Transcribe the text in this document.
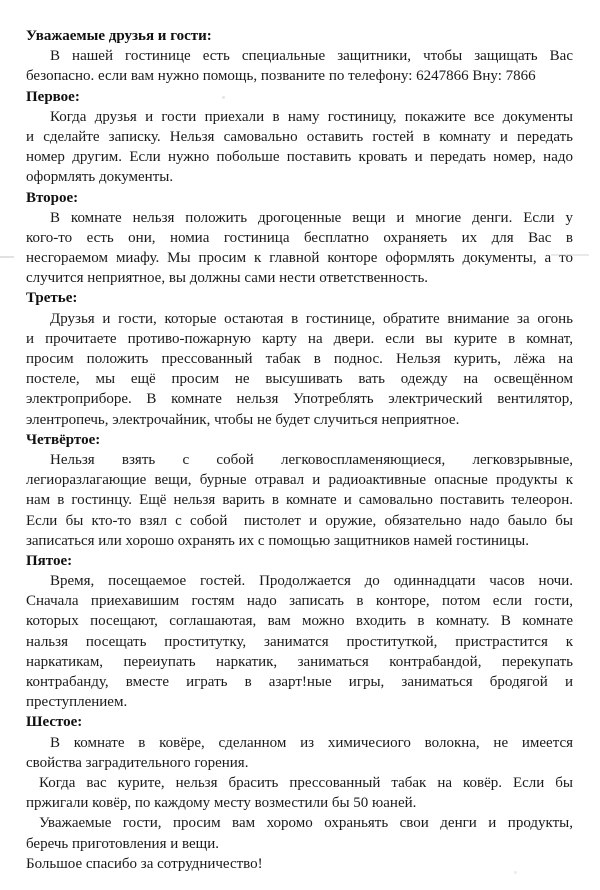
Уважаемые друзья и гости:
В нашей гостинице есть специальные защитники, чтобы защищать Вас
безопасно. если вам нужно помощь, позваните по телефону: 6247866 Вну: 7866
Первое:
Когда друзья и гости приехали в наму гостиницу, покажите все документы
и сделайте записку. Нельзя самовально оставить гостей в комнату и передать
номер другим. Если нужно побольше поставить кровать и передать номер, надо
оформлять документы.
Второе:
В комнате нельзя положить дрогоценные вещи и многие денги. Если у
кого-то есть они, номиа гостиница бесплатно охраняеть их для Вас в
несгораемом миафу. Мы просим к главной конторе оформлять документы, а то
случится неприятное, вы должны сами нести ответственность.
Третье:
Друзья и гости, которые остаютая в гостинице, обратите внимание за огонь
и прочитаете противо-пожарную карту на двери. если вы курите в комнат,
просим положить прессованный табак в поднос. Нельзя курить, лёжа на
постеле, мы ещё просим не высушивать вать одежду на освещённом
электроприборе. В комнате нельзя Употреблять электрический вентилятор,
элентропечь, электрочайник, чтобы не будет случиться неприятное.
Четвёртое:
Нельзя взять с собой легковоспламеняющиеся, легковзрывные,
легиоразлагающие вещи, бурные отравал и радиоактивные опасные продукты к
нам в гостинцу. Ещё нельзя варить в комнате и самовально поставить телеорон.
Если бы кто-то взял с собой  пистолет и оружие, обязательно надо баыло бы
записаться или хорошо охранять их с помощью защитников намей гостиницы.
Пятое:
Время, посещаемое гостей. Продолжается до одиннадцати часов ночи.
Сначала приехавишим гостям надо записать в конторе, потом если гости,
которых посещают, соглашаютая, вам можно входить в комнату. В комнате
нальзя посещать проститутку, заниматся проституткой, пристрастится к
наркатикам, переиупать наркатик, заниматься контрабандой, перекупать
контрабанду, вместе играть в азарт!ные игры, заниматься бродягой и
преступлением.
Шестое:
В комнате в ковёре, сделанном из химичесиого волокна, не имеется
свойства заградительного горения.
Когда вас курите, нельзя брасить прессованный табак на ковёр. Если бы
пржигали ковёр, по каждому месту возместили бы 50 юаней.
Уважаемые гости, просим вам хоромо охраньять свои денги и продукты,
беречь приготовления и вещи.
Большое спасибо за сотрудничество!
